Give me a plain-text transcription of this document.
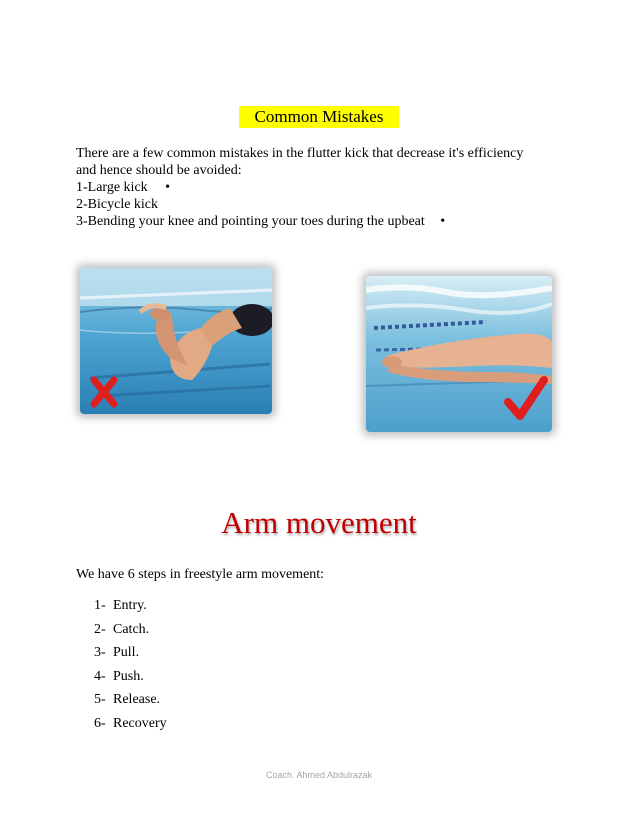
Common Mistakes
There are a few common mistakes in the flutter kick that decrease it's efficiency
and hence should be avoided:
1-Large kick •
2-Bicycle kick
3-Bending your knee and pointing your toes during the upbeat •
Arm movement
We have 6 steps in freestyle arm movement:
1- Entry.
2- Catch.
3- Pull.
4- Push.
5- Release.
6- Recovery
Coach. Ahmed Abdulrazak
